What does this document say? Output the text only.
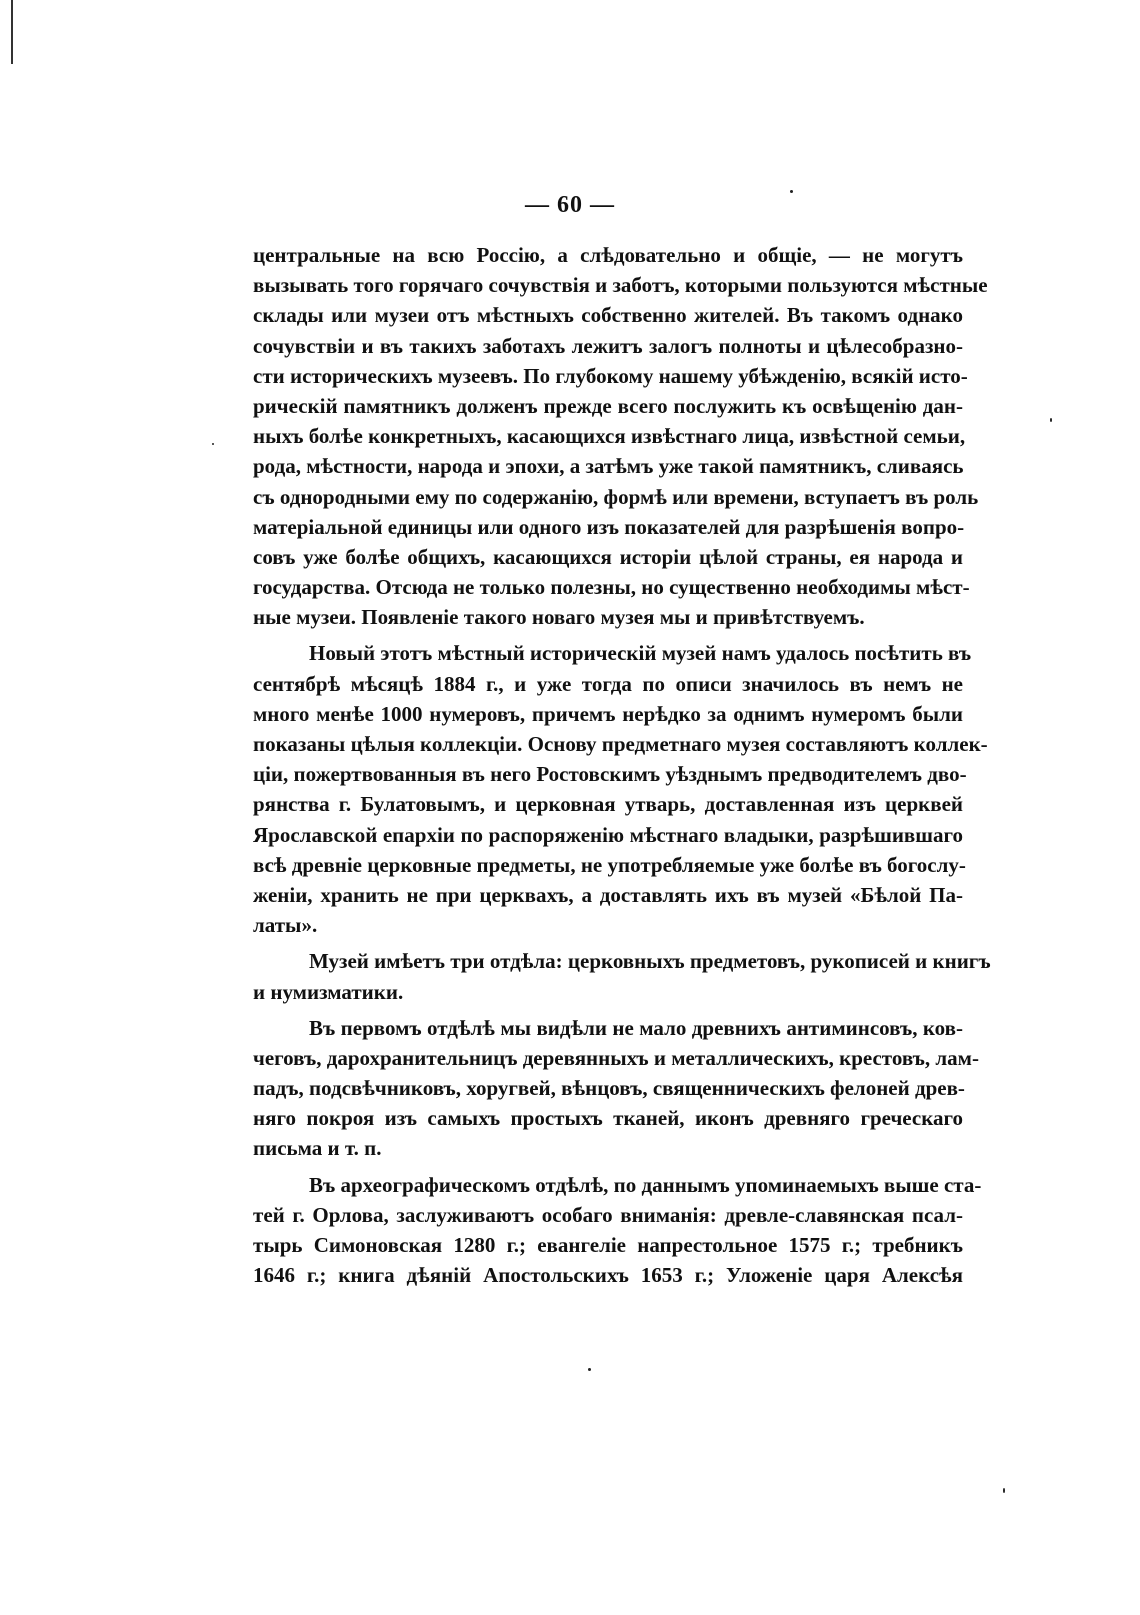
— 60 —
центральные на всю Россію, а слѣдовательно и общіе, — не могутъ
вызывать того горячаго сочувствія и заботъ, которыми пользуются мѣстные
склады или музеи отъ мѣстныхъ собственно жителей. Въ такомъ однако
сочувствіи и въ такихъ заботахъ лежитъ залогъ полноты и цѣлесобразно-
сти историческихъ музеевъ. По глубокому нашему убѣжденію, всякій исто-
рическій памятникъ долженъ прежде всего послужить къ освѣщенію дан-
ныхъ болѣе конкретныхъ, касающихся извѣстнаго лица, извѣстной семьи,
рода, мѣстности, народа и эпохи, а затѣмъ уже такой памятникъ, сливаясь
съ однородными ему по содержанію, формѣ или времени, вступаетъ въ роль
матеріальной единицы или одного изъ показателей для разрѣшенія вопро-
совъ уже болѣе общихъ, касающихся исторіи цѣлой страны, ея народа и
государства. Отсюда не только полезны, но существенно необходимы мѣст-
ные музеи. Появленіе такого новаго музея мы и привѣтствуемъ.
Новый этотъ мѣстный историческій музей намъ удалось посѣтить въ
сентябрѣ мѣсяцѣ 1884 г., и уже тогда по описи значилось въ немъ не
много менѣе 1000 нумеровъ, причемъ нерѣдко за однимъ нумеромъ были
показаны цѣлыя коллекціи. Основу предметнаго музея составляютъ коллек-
ціи, пожертвованныя въ него Ростовскимъ уѣзднымъ предводителемъ дво-
рянства г. Булатовымъ, и церковная утварь, доставленная изъ церквей
Ярославской епархіи по распоряженію мѣстнаго владыки, разрѣшившаго
всѣ древніе церковные предметы, не употребляемые уже болѣе въ богослу-
женіи, хранить не при церквахъ, а доставлять ихъ въ музей «Бѣлой Па-
латы».
Музей имѣетъ три отдѣла: церковныхъ предметовъ, рукописей и книгъ
и нумизматики.
Въ первомъ отдѣлѣ мы видѣли не мало древнихъ антиминсовъ, ков-
чеговъ, дарохранительницъ деревянныхъ и металлическихъ, крестовъ, лам-
падъ, подсвѣчниковъ, хоругвей, вѣнцовъ, священническихъ фелоней древ-
няго покроя изъ самыхъ простыхъ тканей, иконъ древняго греческаго
письма и т. п.
Въ археографическомъ отдѣлѣ, по даннымъ упоминаемыхъ выше ста-
тей г. Орлова, заслуживаютъ особаго вниманія: древле-славянская псал-
тырь Симоновская 1280 г.; евангеліе напрестольное 1575 г.; требникъ
1646 г.; книга дѣяній Апостольскихъ 1653 г.; Уложеніе царя Алексѣя
